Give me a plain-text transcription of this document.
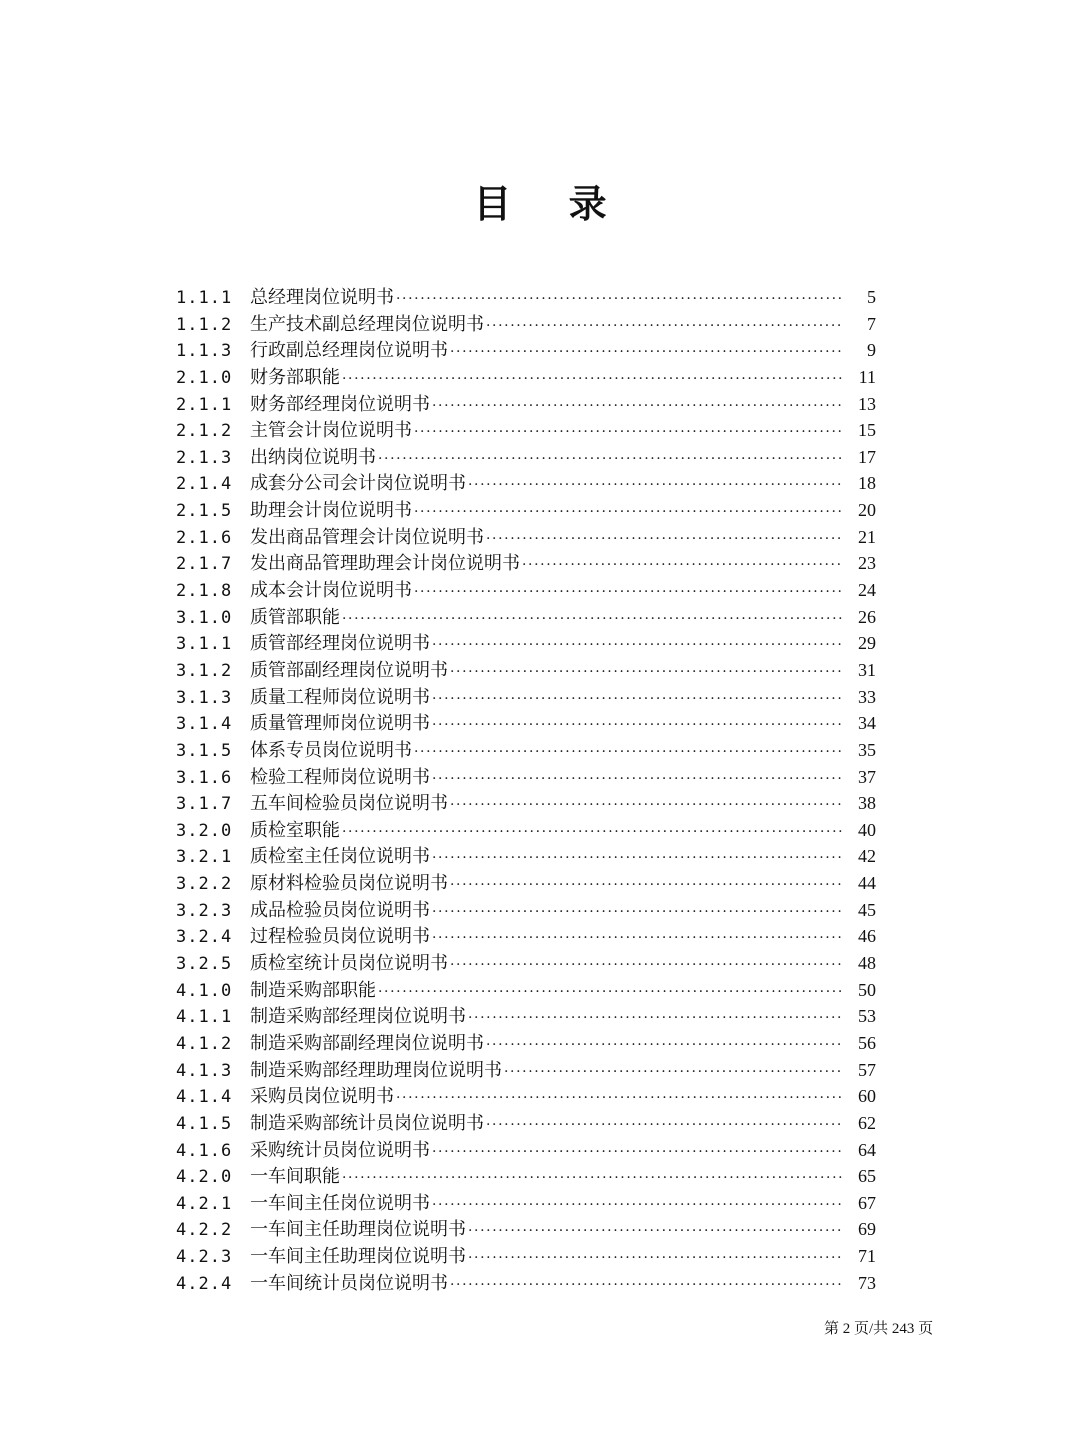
目 录
1.1.1 总经理岗位说明书 ·····	5
1.1.2 生产技术副总经理岗位说明书 ·····	7
1.1.3 行政副总经理岗位说明书 ·····	9
2.1.0 财务部职能 ·····	11
2.1.1 财务部经理岗位说明书 ·····	13
2.1.2 主管会计岗位说明书 ·····	15
2.1.3 出纳岗位说明书 ·····	17
2.1.4 成套分公司会计岗位说明书 ·····	18
2.1.5 助理会计岗位说明书 ·····	20
2.1.6 发出商品管理会计岗位说明书 ·····	21
2.1.7 发出商品管理助理会计岗位说明书 ·····	23
2.1.8 成本会计岗位说明书 ·····	24
3.1.0 质管部职能 ·····	26
3.1.1 质管部经理岗位说明书 ·····	29
3.1.2 质管部副经理岗位说明书 ·····	31
3.1.3 质量工程师岗位说明书 ·····	33
3.1.4 质量管理师岗位说明书 ·····	34
3.1.5 体系专员岗位说明书 ·····	35
3.1.6 检验工程师岗位说明书 ·····	37
3.1.7 五车间检验员岗位说明书 ·····	38
3.2.0 质检室职能 ·····	40
3.2.1 质检室主任岗位说明书 ·····	42
3.2.2 原材料检验员岗位说明书 ·····	44
3.2.3 成品检验员岗位说明书 ·····	45
3.2.4 过程检验员岗位说明书 ·····	46
3.2.5 质检室统计员岗位说明书 ·····	48
4.1.0 制造采购部职能 ·····	50
4.1.1 制造采购部经理岗位说明书 ·····	53
4.1.2 制造采购部副经理岗位说明书 ·····	56
4.1.3 制造采购部经理助理岗位说明书 ·····	57
4.1.4 采购员岗位说明书 ·····	60
4.1.5 制造采购部统计员岗位说明书 ·····	62
4.1.6 采购统计员岗位说明书 ·····	64
4.2.0 一车间职能 ·····	65
4.2.1 一车间主任岗位说明书 ·····	67
4.2.2 一车间主任助理岗位说明书 ·····	69
4.2.3 一车间主任助理岗位说明书 ·····	71
4.2.4 一车间统计员岗位说明书 ·····	73
第 2 页/共 243 页
